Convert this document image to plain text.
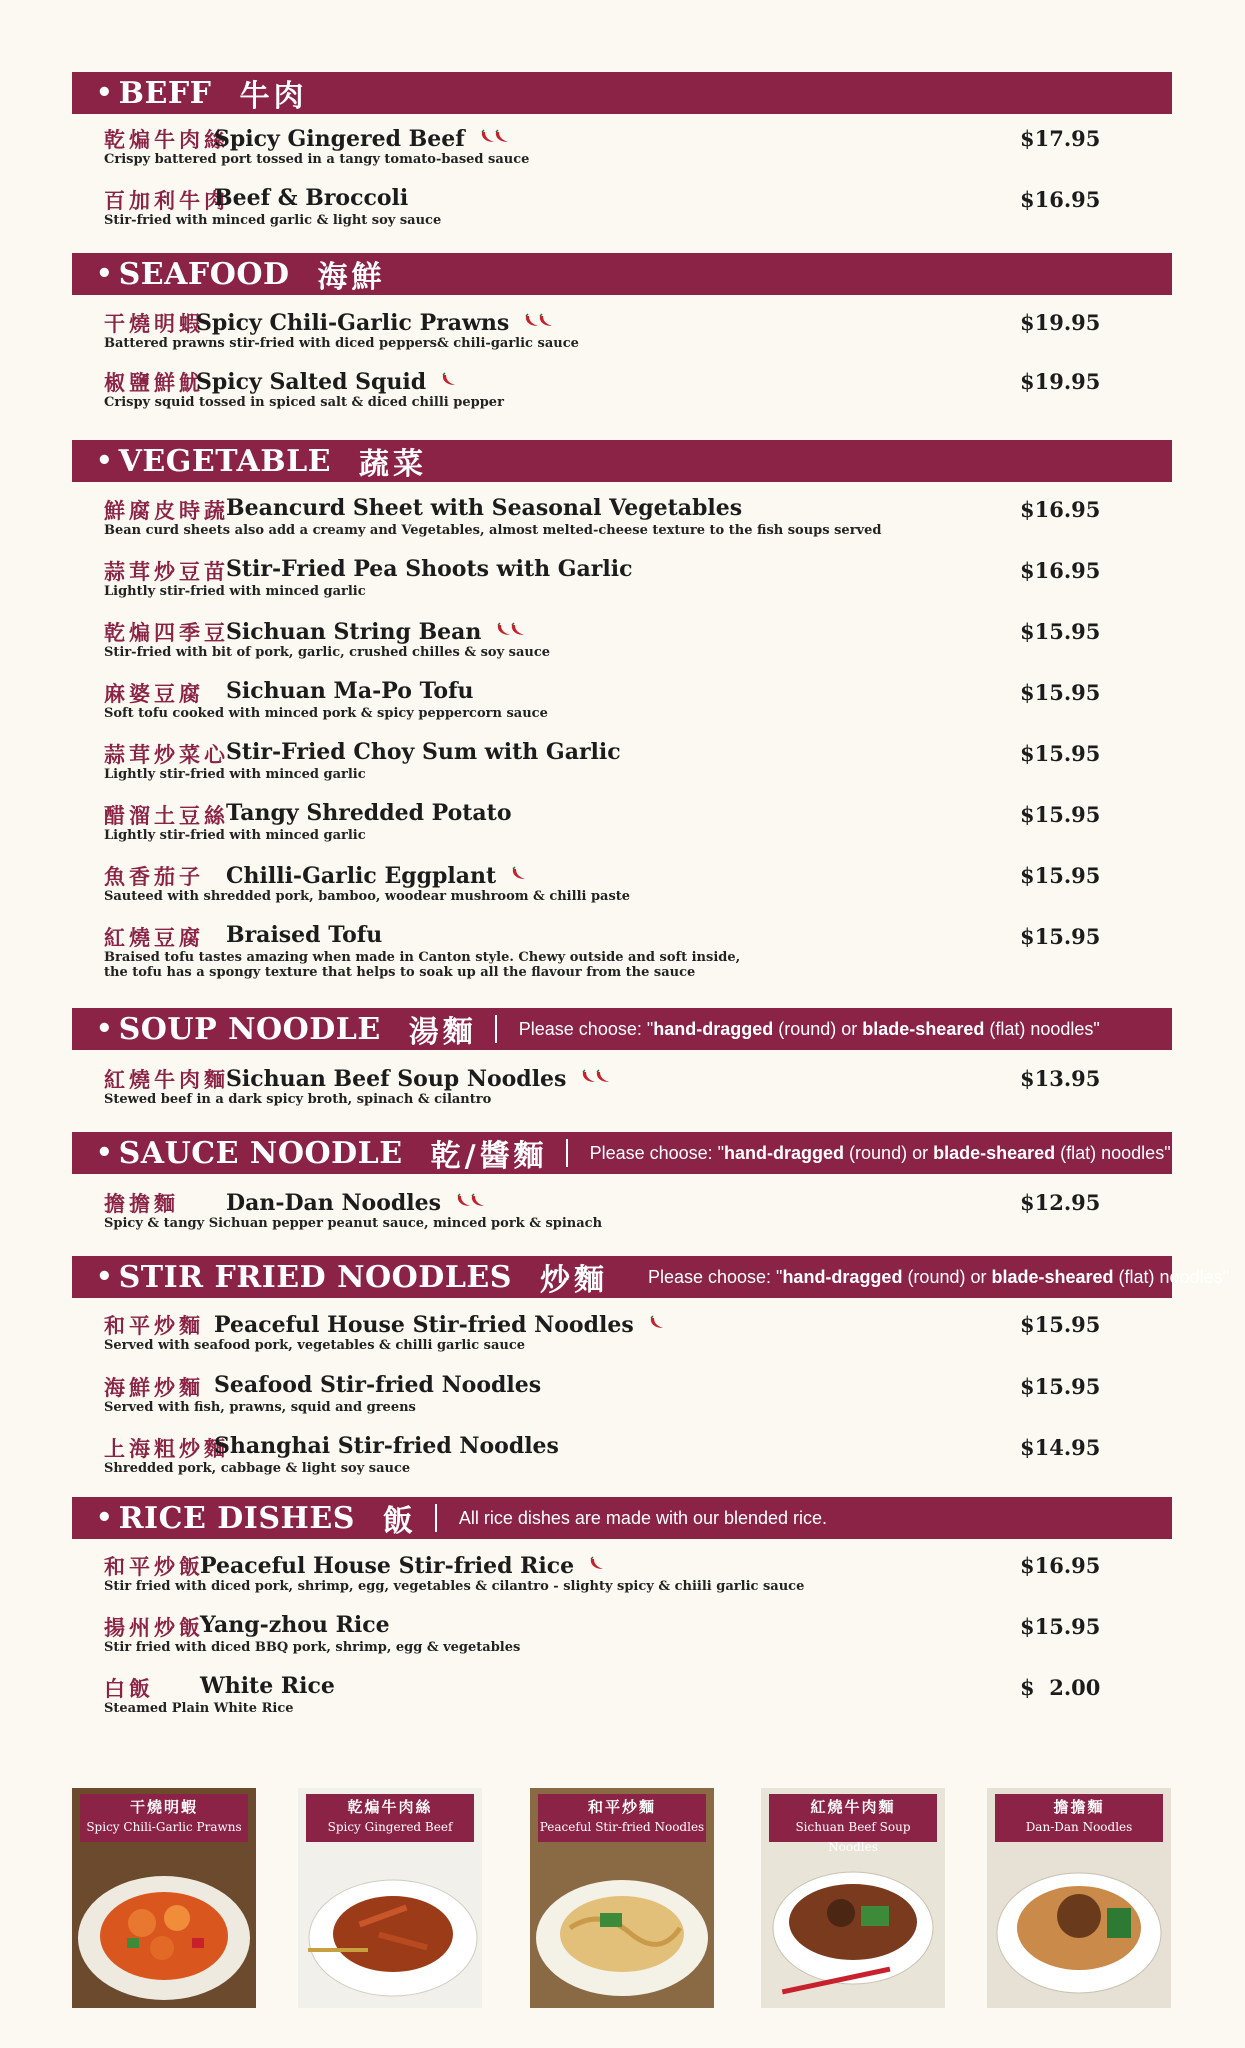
• BEFF 牛肉
乾煸牛肉絲
Spicy Gingered Beef	$17.95
Crispy battered port tossed in a tangy tomato-based sauce
百加利牛肉
Beef & Broccoli	$16.95
Stir-fried with minced garlic & light soy sauce
• SEAFOOD 海鮮
干燒明蝦
Spicy Chili-Garlic Prawns	$19.95
Battered prawns stir-fried with diced peppers& chili-garlic sauce
椒鹽鮮魷
Spicy Salted Squid	$19.95
Crispy squid tossed in spiced salt & diced chilli pepper
• VEGETABLE 蔬菜
鮮腐皮時蔬
Beancurd Sheet with Seasonal Vegetables	$16.95
Bean curd sheets also add a creamy and Vegetables, almost melted-cheese texture to the fish soups served
蒜茸炒豆苗
Stir-Fried Pea Shoots with Garlic	$16.95
Lightly stir-fried with minced garlic
乾煸四季豆
Sichuan String Bean	$15.95
Stir-fried with bit of pork, garlic, crushed chilles & soy sauce
麻婆豆腐 Sichuan Ma-Po Tofu	$15.95
Soft tofu cooked with minced pork & spicy peppercorn sauce
蒜茸炒菜心
Stir-Fried Choy Sum with Garlic	$15.95
Lightly stir-fried with minced garlic
醋溜土豆絲
Tangy Shredded Potato	$15.95
Lightly stir-fried with minced garlic
魚香茄子 Chilli-Garlic Eggplant	$15.95
Sauteed with shredded pork, bamboo, woodear mushroom & chilli paste
紅燒豆腐 Braised Tofu	$15.95
Braised tofu tastes amazing when made in Canton style. Chewy outside and soft inside,
the tofu has a spongy texture that helps to soak up all the flavour from the sauce
• SOUP NOODLE 湯麵 Please choose: "hand-dragged (round) or blade-sheared (flat) noodles"
紅燒牛肉麵
Sichuan Beef Soup Noodles	$13.95
Stewed beef in a dark spicy broth, spinach & cilantro
• SAUCE NOODLE 乾/醬麵 Please choose: "hand-dragged (round) or blade-sheared (flat) noodles"
擔擔麵 Dan-Dan Noodles	$12.95
Spicy & tangy Sichuan pepper peanut sauce, minced pork & spinach
• STIR FRIED NOODLES 炒麵 Please choose: "hand-dragged (round) or blade-sheared (flat) noodles"
和平炒麵 Peaceful House Stir-fried Noodles	$15.95
Served with seafood pork, vegetables & chilli garlic sauce
海鮮炒麵 Seafood Stir-fried Noodles	$15.95
Served with fish, prawns, squid and greens
上海粗炒麵
Shanghai Stir-fried Noodles	$14.95
Shredded pork, cabbage & light soy sauce
• RICE DISHES 飯 All rice dishes are made with our blended rice.
和平炒飯
Peaceful House Stir-fried Rice	$16.95
Stir fried with diced pork, shrimp, egg, vegetables & cilantro - slighty spicy & chiili garlic sauce
揚州炒飯
Yang-zhou Rice	$15.95
Stir fried with diced BBQ pork, shrimp, egg & vegetables
白飯 White Rice	$  2.00
Steamed Plain White Rice
干燒明蝦
Spicy Chili-Garlic Prawns
乾煸牛肉絲
Spicy Gingered Beef
和平炒麵
Peaceful Stir-fried Noodles
紅燒牛肉麵
Sichuan Beef Soup Noodles
擔擔麵
Dan-Dan Noodles
